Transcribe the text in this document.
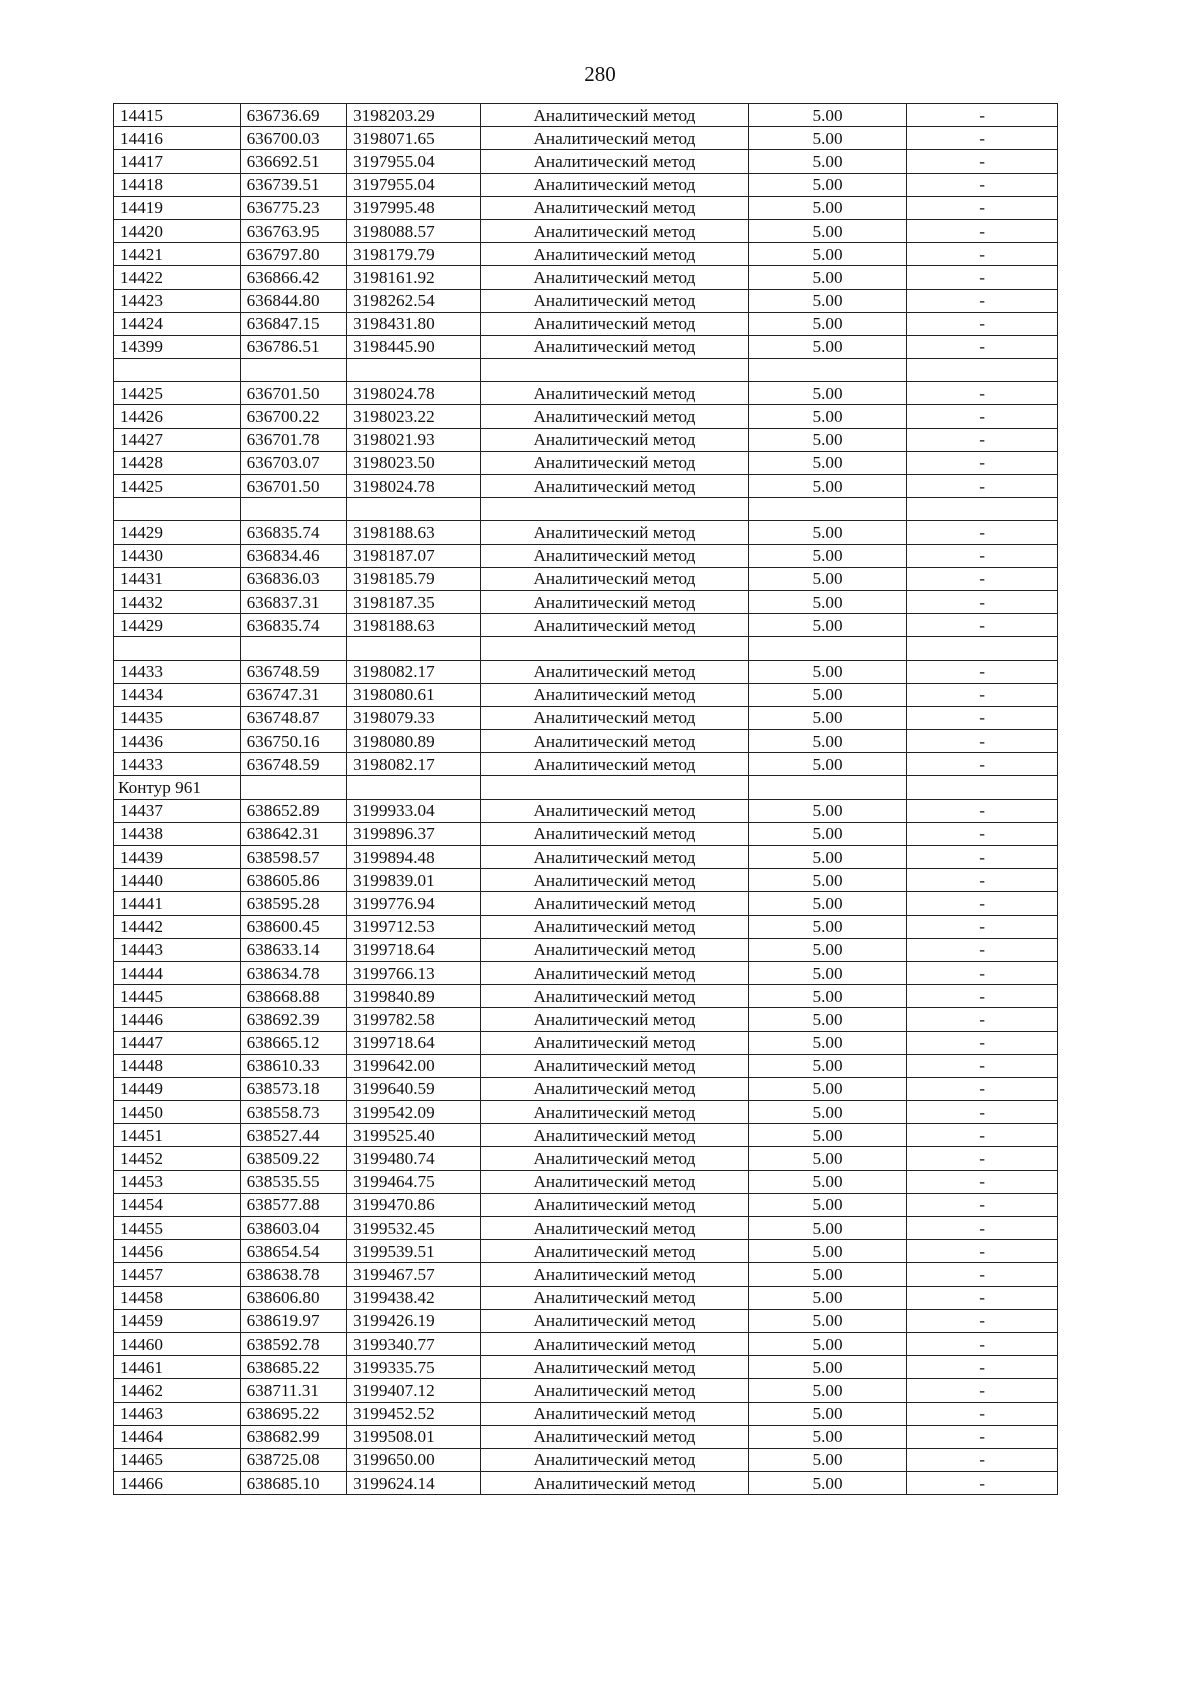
280
14415	636736.69	3198203.29	Аналитический метод	5.00	-
14416	636700.03	3198071.65	Аналитический метод	5.00	-
14417	636692.51	3197955.04	Аналитический метод	5.00	-
14418	636739.51	3197955.04	Аналитический метод	5.00	-
14419	636775.23	3197995.48	Аналитический метод	5.00	-
14420	636763.95	3198088.57	Аналитический метод	5.00	-
14421	636797.80	3198179.79	Аналитический метод	5.00	-
14422	636866.42	3198161.92	Аналитический метод	5.00	-
14423	636844.80	3198262.54	Аналитический метод	5.00	-
14424	636847.15	3198431.80	Аналитический метод	5.00	-
14399	636786.51	3198445.90	Аналитический метод	5.00	-

14425	636701.50	3198024.78	Аналитический метод	5.00	-
14426	636700.22	3198023.22	Аналитический метод	5.00	-
14427	636701.78	3198021.93	Аналитический метод	5.00	-
14428	636703.07	3198023.50	Аналитический метод	5.00	-
14425	636701.50	3198024.78	Аналитический метод	5.00	-

14429	636835.74	3198188.63	Аналитический метод	5.00	-
14430	636834.46	3198187.07	Аналитический метод	5.00	-
14431	636836.03	3198185.79	Аналитический метод	5.00	-
14432	636837.31	3198187.35	Аналитический метод	5.00	-
14429	636835.74	3198188.63	Аналитический метод	5.00	-

14433	636748.59	3198082.17	Аналитический метод	5.00	-
14434	636747.31	3198080.61	Аналитический метод	5.00	-
14435	636748.87	3198079.33	Аналитический метод	5.00	-
14436	636750.16	3198080.89	Аналитический метод	5.00	-
14433	636748.59	3198082.17	Аналитический метод	5.00	-
Контур 961					
14437	638652.89	3199933.04	Аналитический метод	5.00	-
14438	638642.31	3199896.37	Аналитический метод	5.00	-
14439	638598.57	3199894.48	Аналитический метод	5.00	-
14440	638605.86	3199839.01	Аналитический метод	5.00	-
14441	638595.28	3199776.94	Аналитический метод	5.00	-
14442	638600.45	3199712.53	Аналитический метод	5.00	-
14443	638633.14	3199718.64	Аналитический метод	5.00	-
14444	638634.78	3199766.13	Аналитический метод	5.00	-
14445	638668.88	3199840.89	Аналитический метод	5.00	-
14446	638692.39	3199782.58	Аналитический метод	5.00	-
14447	638665.12	3199718.64	Аналитический метод	5.00	-
14448	638610.33	3199642.00	Аналитический метод	5.00	-
14449	638573.18	3199640.59	Аналитический метод	5.00	-
14450	638558.73	3199542.09	Аналитический метод	5.00	-
14451	638527.44	3199525.40	Аналитический метод	5.00	-
14452	638509.22	3199480.74	Аналитический метод	5.00	-
14453	638535.55	3199464.75	Аналитический метод	5.00	-
14454	638577.88	3199470.86	Аналитический метод	5.00	-
14455	638603.04	3199532.45	Аналитический метод	5.00	-
14456	638654.54	3199539.51	Аналитический метод	5.00	-
14457	638638.78	3199467.57	Аналитический метод	5.00	-
14458	638606.80	3199438.42	Аналитический метод	5.00	-
14459	638619.97	3199426.19	Аналитический метод	5.00	-
14460	638592.78	3199340.77	Аналитический метод	5.00	-
14461	638685.22	3199335.75	Аналитический метод	5.00	-
14462	638711.31	3199407.12	Аналитический метод	5.00	-
14463	638695.22	3199452.52	Аналитический метод	5.00	-
14464	638682.99	3199508.01	Аналитический метод	5.00	-
14465	638725.08	3199650.00	Аналитический метод	5.00	-
14466	638685.10	3199624.14	Аналитический метод	5.00	-
